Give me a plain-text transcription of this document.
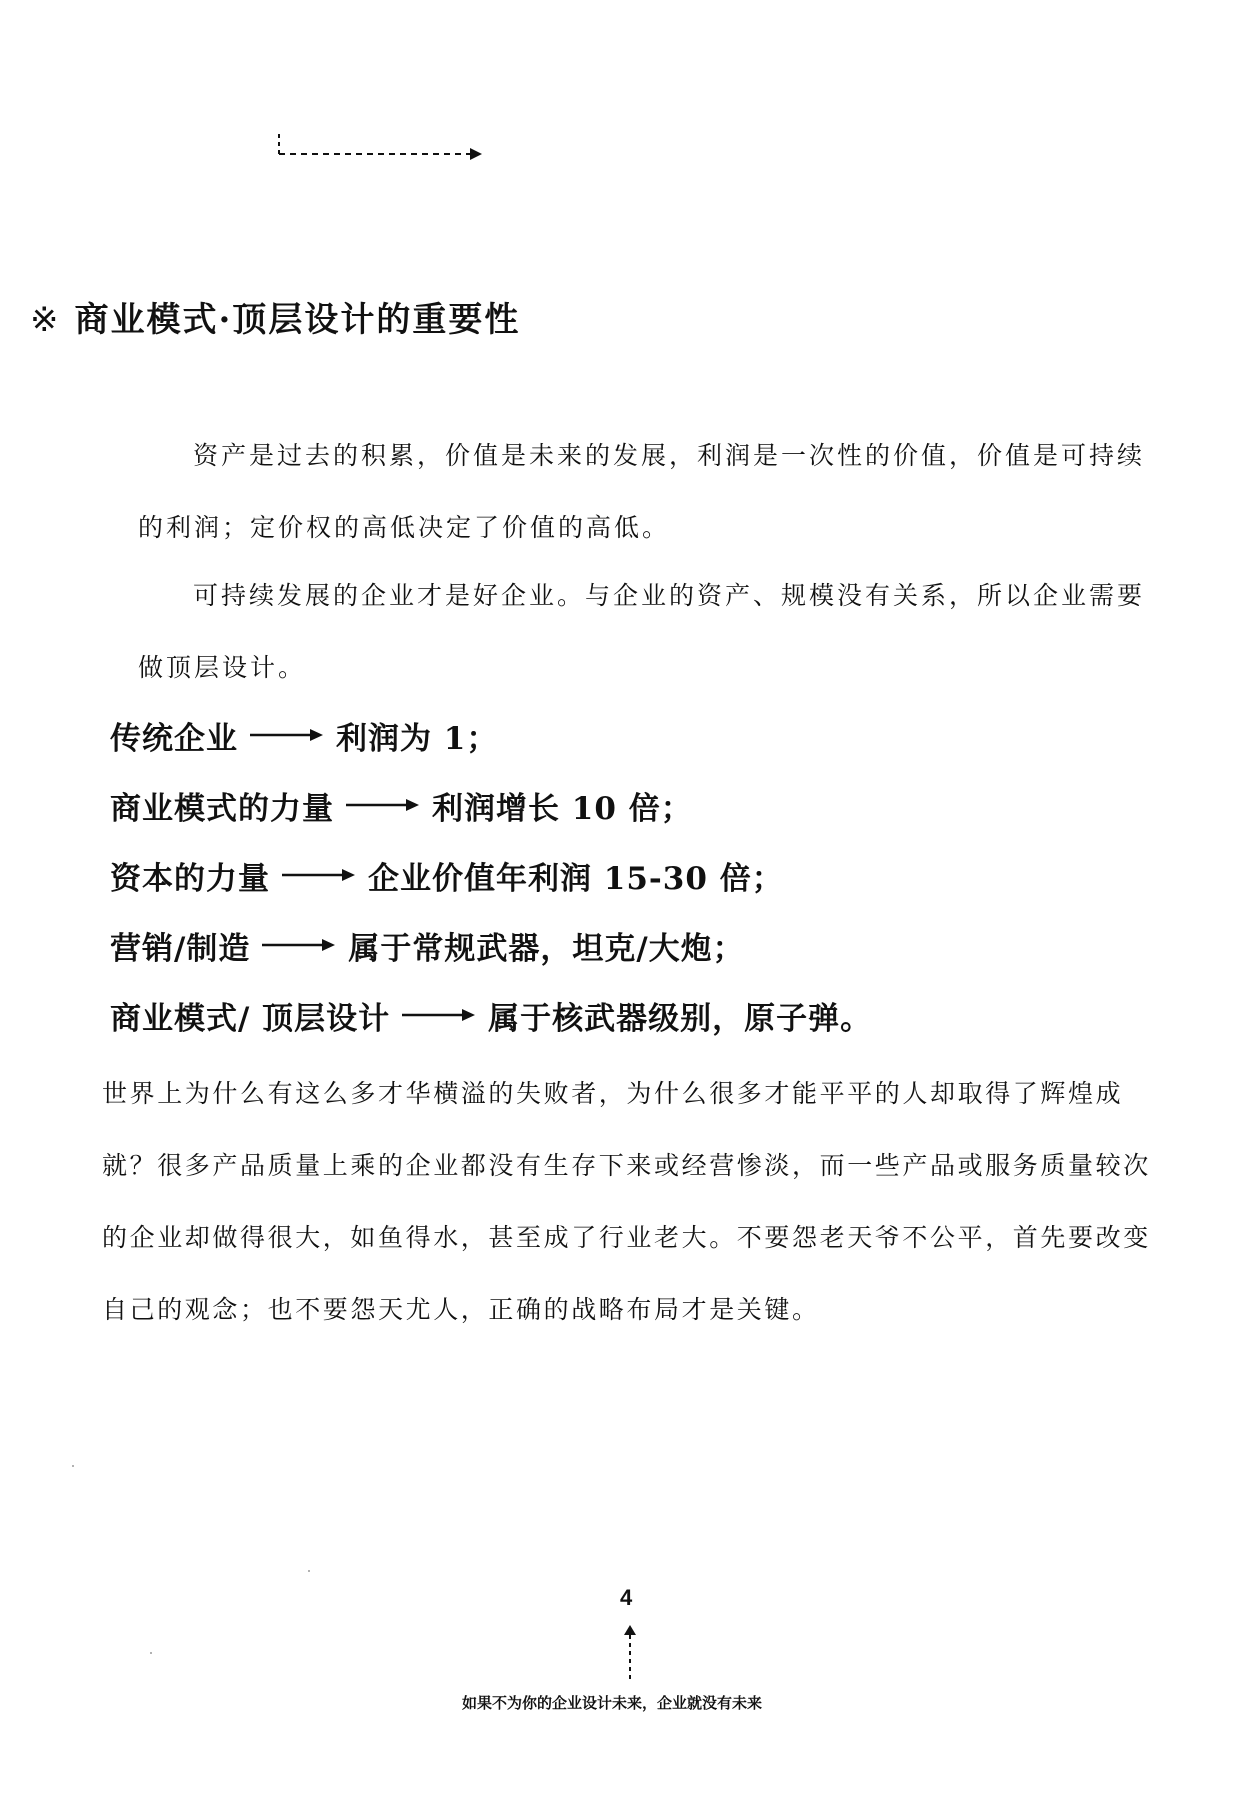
※ 商业模式·顶层设计的重要性

资产是过去的积累，价值是未来的发展，利润是一次性的价值，价值是可持续的利润；定价权的高低决定了价值的高低。

可持续发展的企业才是好企业。与企业的资产、规模没有关系，所以企业需要做顶层设计。

传统企业	利润为 1；
商业模式的力量	利润增长 10 倍；
资本的力量	企业价值年利润 15-30 倍；
营销/制造	属于常规武器，坦克/大炮；
商业模式/ 顶层设计	属于核武器级别，原子弹。

世界上为什么有这么多才华横溢的失败者，为什么很多才能平平的人却取得了辉煌成就？很多产品质量上乘的企业都没有生存下来或经营惨淡，而一些产品或服务质量较次的企业却做得很大，如鱼得水，甚至成了行业老大。不要怨老天爷不公平，首先要改变自己的观念；也不要怨天尤人，正确的战略布局才是关键。

4
如果不为你的企业设计未来，企业就没有未来
